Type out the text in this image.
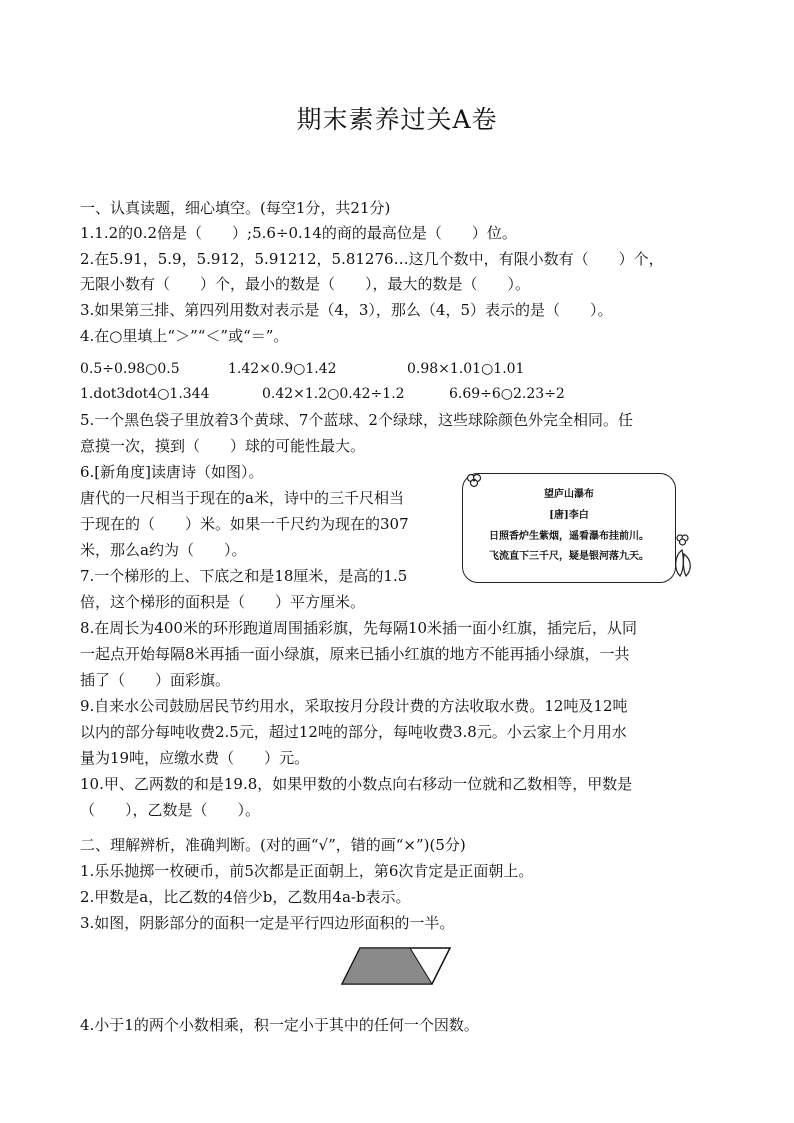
期末素养过关A卷
一、认真读题，细心填空。(每空1分，共21分)
1.1.2的0.2倍是（　　）;5.6÷0.14的商的最高位是（　　）位。
2.在5.91，5.9，5.912，5.91212，5.81276…这几个数中，有限小数有（　　）个，
无限小数有（　　）个，最小的数是（　　），最大的数是（　　）。
3.如果第三排、第四列用数对表示是（4，3），那么（4，5）表示的是（　　）。
4.在○里填上“＞”“＜”或“＝”。
0.5÷0.98○0.5	1.42×0.9○1.42	0.98×1.01○1.01
1.dot3dot4○1.344	0.42×1.2○0.42÷1.2	6.69÷6○2.23÷2
5.一个黑色袋子里放着3个黄球、7个蓝球、2个绿球，这些球除颜色外完全相同。任
意摸一次，摸到（　　）球的可能性最大。
6.[新角度]读唐诗（如图）。
唐代的一尺相当于现在的a米，诗中的三千尺相当
于现在的（　　）米。如果一千尺约为现在的307
米，那么a约为（　　）。
7.一个梯形的上、下底之和是18厘米，是高的1.5
倍，这个梯形的面积是（　　）平方厘米。
8.在周长为400米的环形跑道周围插彩旗，先每隔10米插一面小红旗，插完后，从同
一起点开始每隔8米再插一面小绿旗，原来已插小红旗的地方不能再插小绿旗，一共
插了（　　）面彩旗。
9.自来水公司鼓励居民节约用水，采取按月分段计费的方法收取水费。12吨及12吨
以内的部分每吨收费2.5元，超过12吨的部分，每吨收费3.8元。小云家上个月用水
量为19吨，应缴水费（　　）元。
10.甲、乙两数的和是19.8，如果甲数的小数点向右移动一位就和乙数相等，甲数是
（　　），乙数是（　　）。
望庐山瀑布
[唐]李白
日照香炉生紫烟，遥看瀑布挂前川。
飞流直下三千尺，疑是银河落九天。
二、理解辨析，准确判断。(对的画“√”，错的画“×”)(5分)
1.乐乐抛掷一枚硬币，前5次都是正面朝上，第6次肯定是正面朝上。
2.甲数是a，比乙数的4倍少b，乙数用4a-b表示。
3.如图，阴影部分的面积一定是平行四边形面积的一半。
4.小于1的两个小数相乘，积一定小于其中的任何一个因数。
